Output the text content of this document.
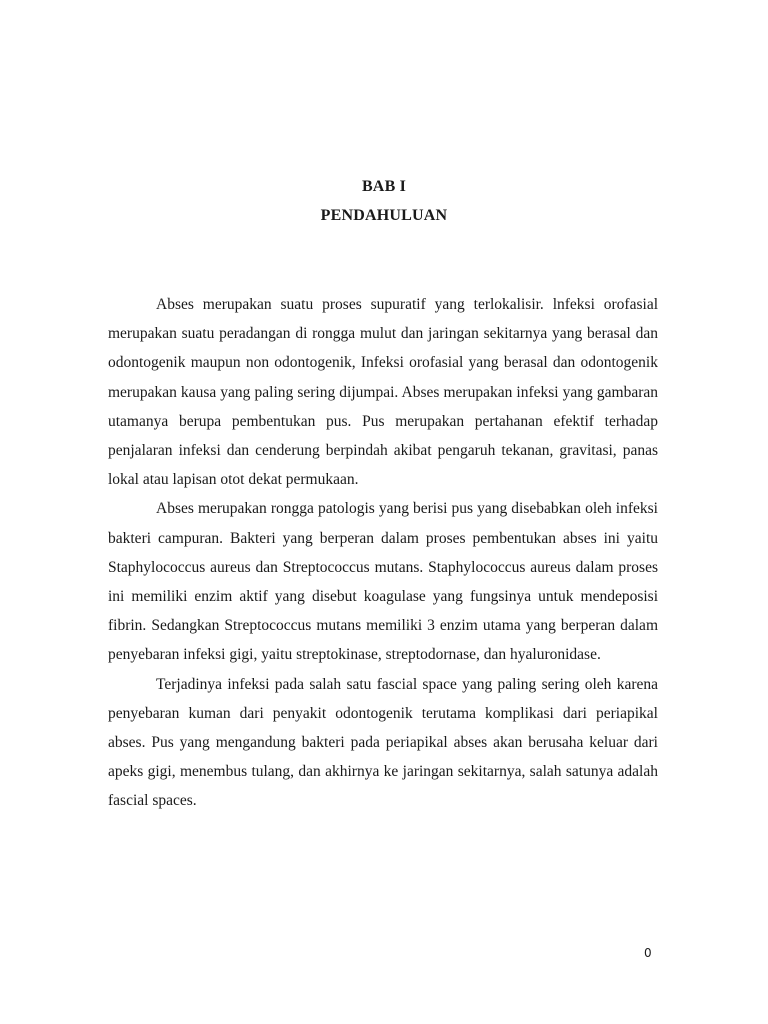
BAB I
PENDAHULUAN

Abses merupakan suatu proses supuratif yang terlokalisir. lnfeksi orofasial merupakan suatu peradangan di rongga mulut dan jaringan sekitarnya yang berasal dan odontogenik maupun non odontogenik, Infeksi orofasial yang berasal dan odontogenik merupakan kausa yang paling sering dijumpai. Abses merupakan infeksi yang gambaran utamanya berupa pembentukan pus. Pus merupakan pertahanan efektif terhadap penjalaran infeksi dan cenderung berpindah akibat pengaruh tekanan, gravitasi, panas lokal atau lapisan otot dekat permukaan.

Abses merupakan rongga patologis yang berisi pus yang disebabkan oleh infeksi bakteri campuran. Bakteri yang berperan dalam proses pembentukan abses ini yaitu Staphylococcus aureus dan Streptococcus mutans. Staphylococcus aureus dalam proses ini memiliki enzim aktif yang disebut koagulase yang fungsinya untuk mendeposisi fibrin. Sedangkan Streptococcus mutans memiliki 3 enzim utama yang berperan dalam penyebaran infeksi gigi, yaitu streptokinase, streptodornase, dan hyaluronidase.

Terjadinya infeksi pada salah satu fascial space yang paling sering oleh karena penyebaran kuman dari penyakit odontogenik terutama komplikasi dari periapikal abses. Pus yang mengandung bakteri pada periapikal abses akan berusaha keluar dari apeks gigi, menembus tulang, dan akhirnya ke jaringan sekitarnya, salah satunya adalah fascial spaces.

0
